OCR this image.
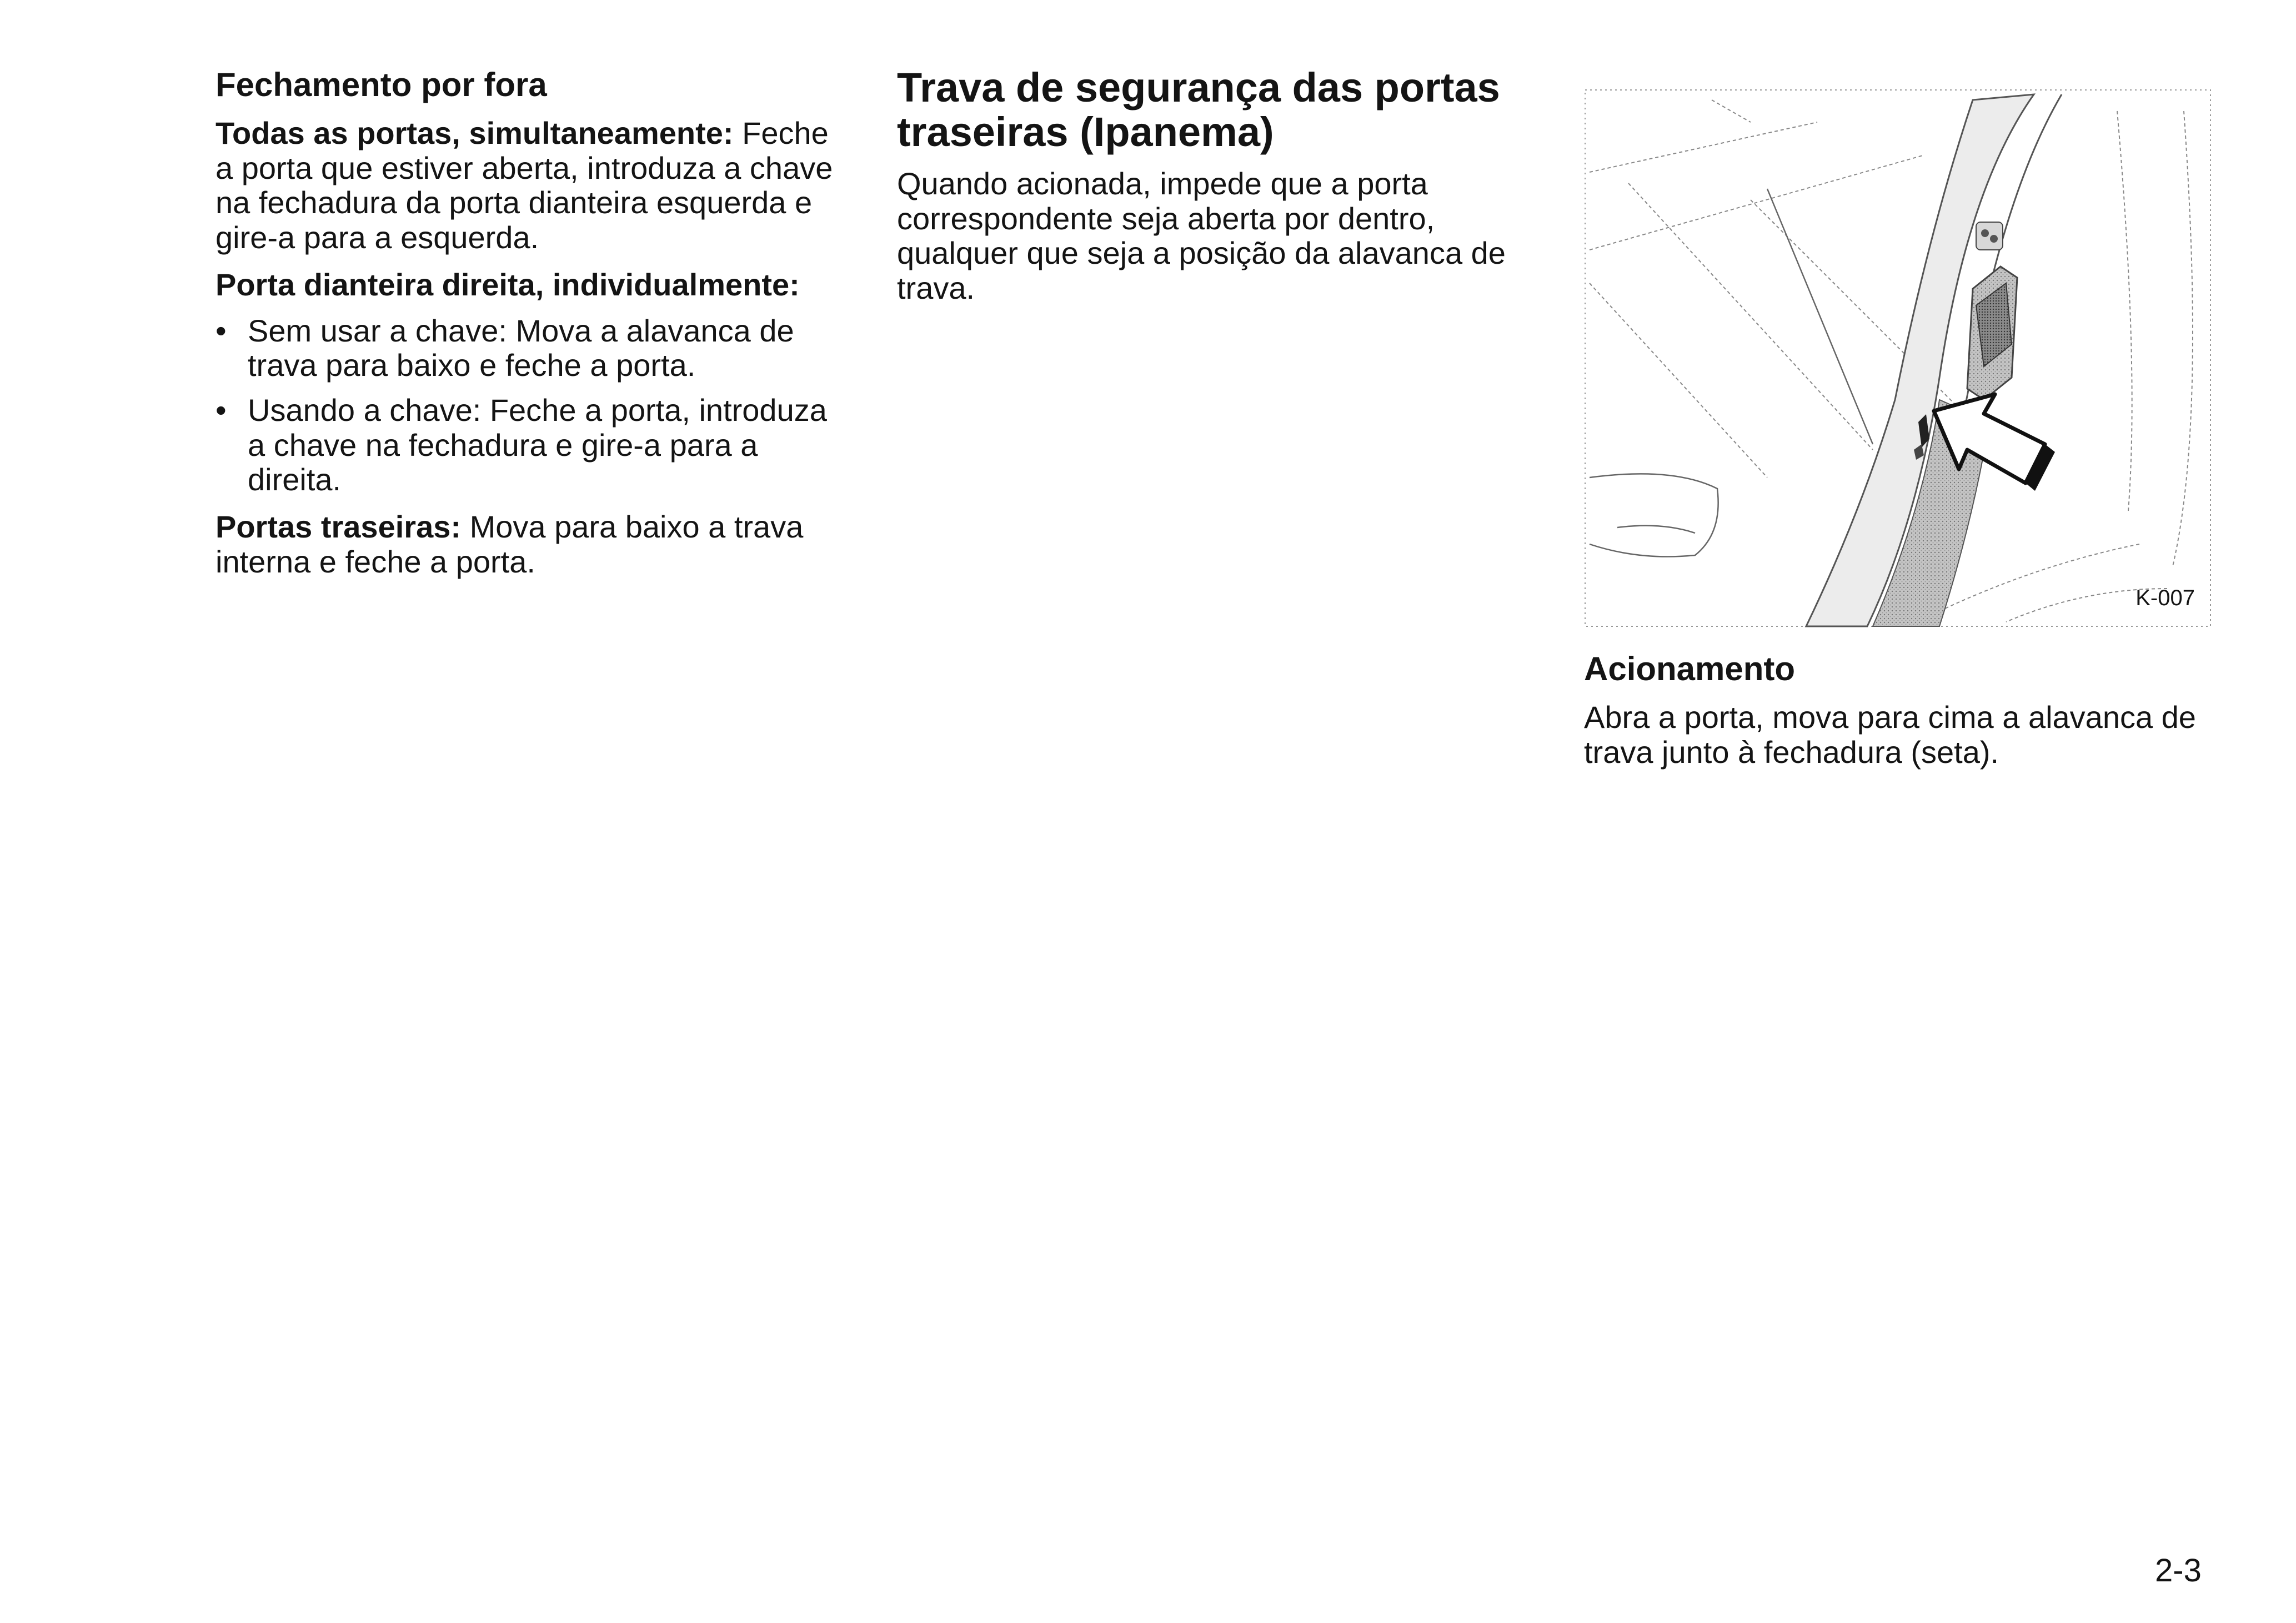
Fechamento por fora

Todas as portas, simultaneamente: Feche a porta que estiver aberta, introduza a chave na fechadura da porta dianteira esquerda e gire-a para a esquerda.

Porta dianteira direita, individualmente:
• Sem usar a chave: Mova a alavanca de trava para baixo e feche a porta.
• Usando a chave: Feche a porta, introduza a chave na fechadura e gire-a para a direita.

Portas traseiras: Mova para baixo a trava interna e feche a porta.

Trava de segurança das portas traseiras (Ipanema)

Quando acionada, impede que a porta correspondente seja aberta por dentro, qualquer que seja a posição da alavanca de trava.

K-007
Acionamento

Abra a porta, mova para cima a alavanca de trava junto à fechadura (seta).

2-3
